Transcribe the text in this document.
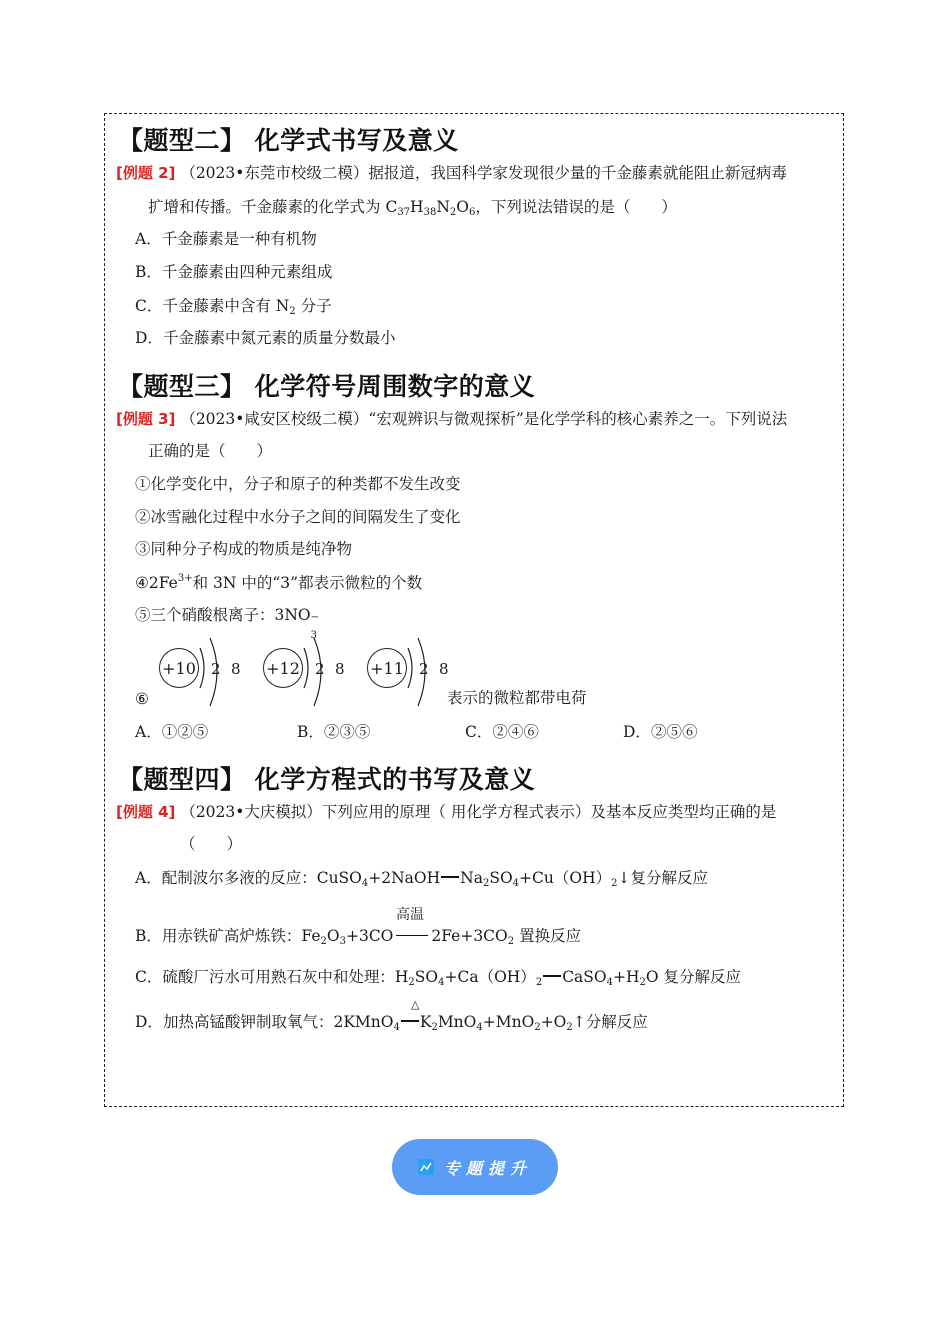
【题型二】 化学式书写及意义
[例题 2] （2023•东莞市校级二模）据报道，我国科学家发现很少量的千金藤素就能阻止新冠病毒
扩增和传播。千金藤素的化学式为 $C_{37}H_{38}N_2O_6$，下列说法错误的是（　　）
A．千金藤素是一种有机物
B．千金藤素由四种元素组成
C．千金藤素中含有 $N_2$ 分子
D．千金藤素中氮元素的质量分数最小
【题型三】 化学符号周围数字的意义
[例题 3] （2023•咸安区校级二模）“宏观辨识与微观探析”是化学学科的核心素养之一。下列说法
正确的是（　　）
①化学变化中，分子和原子的种类都不发生改变
②冰雪融化过程中水分子之间的间隔发生了变化
③同种分子构成的物质是纯净物
$④2Fe^{3+}$和 3N 中的“3”都表示微粒的个数
⑤三个硝酸根离子：3NO −
3
⑥
+10 2 8 +12 2 8 +11 2 8
表示的微粒都带电荷
A．①②⑤	B．②③⑤	C．②④⑥	D．②⑤⑥
【题型四】 化学方程式的书写及意义
[例题 4] （2023•大庆模拟）下列应用的原理（ 用化学方程式表示）及基本反应类型均正确的是
（　　）
A．配制波尔多液的反应：CuSO$_4$+2NaOH $Na_2SO_4+Cu(OH)_2↓$复分解反应
高温
B．用赤铁矿高炉炼铁：$Fe_2O_3+3CO$ $2Fe+3CO_2$ 置换反应
C．硫酸厂污水可用熟石灰中和处理：$H_2SO_4+Ca(OH)_2$ $CaSO_4+H_2O$ 复分解反应
△
D．加热高锰酸钾制取氧气：2KMnO$_4$ $K_2MnO_4+MnO_2+O_2↑$分解反应
专题提升
